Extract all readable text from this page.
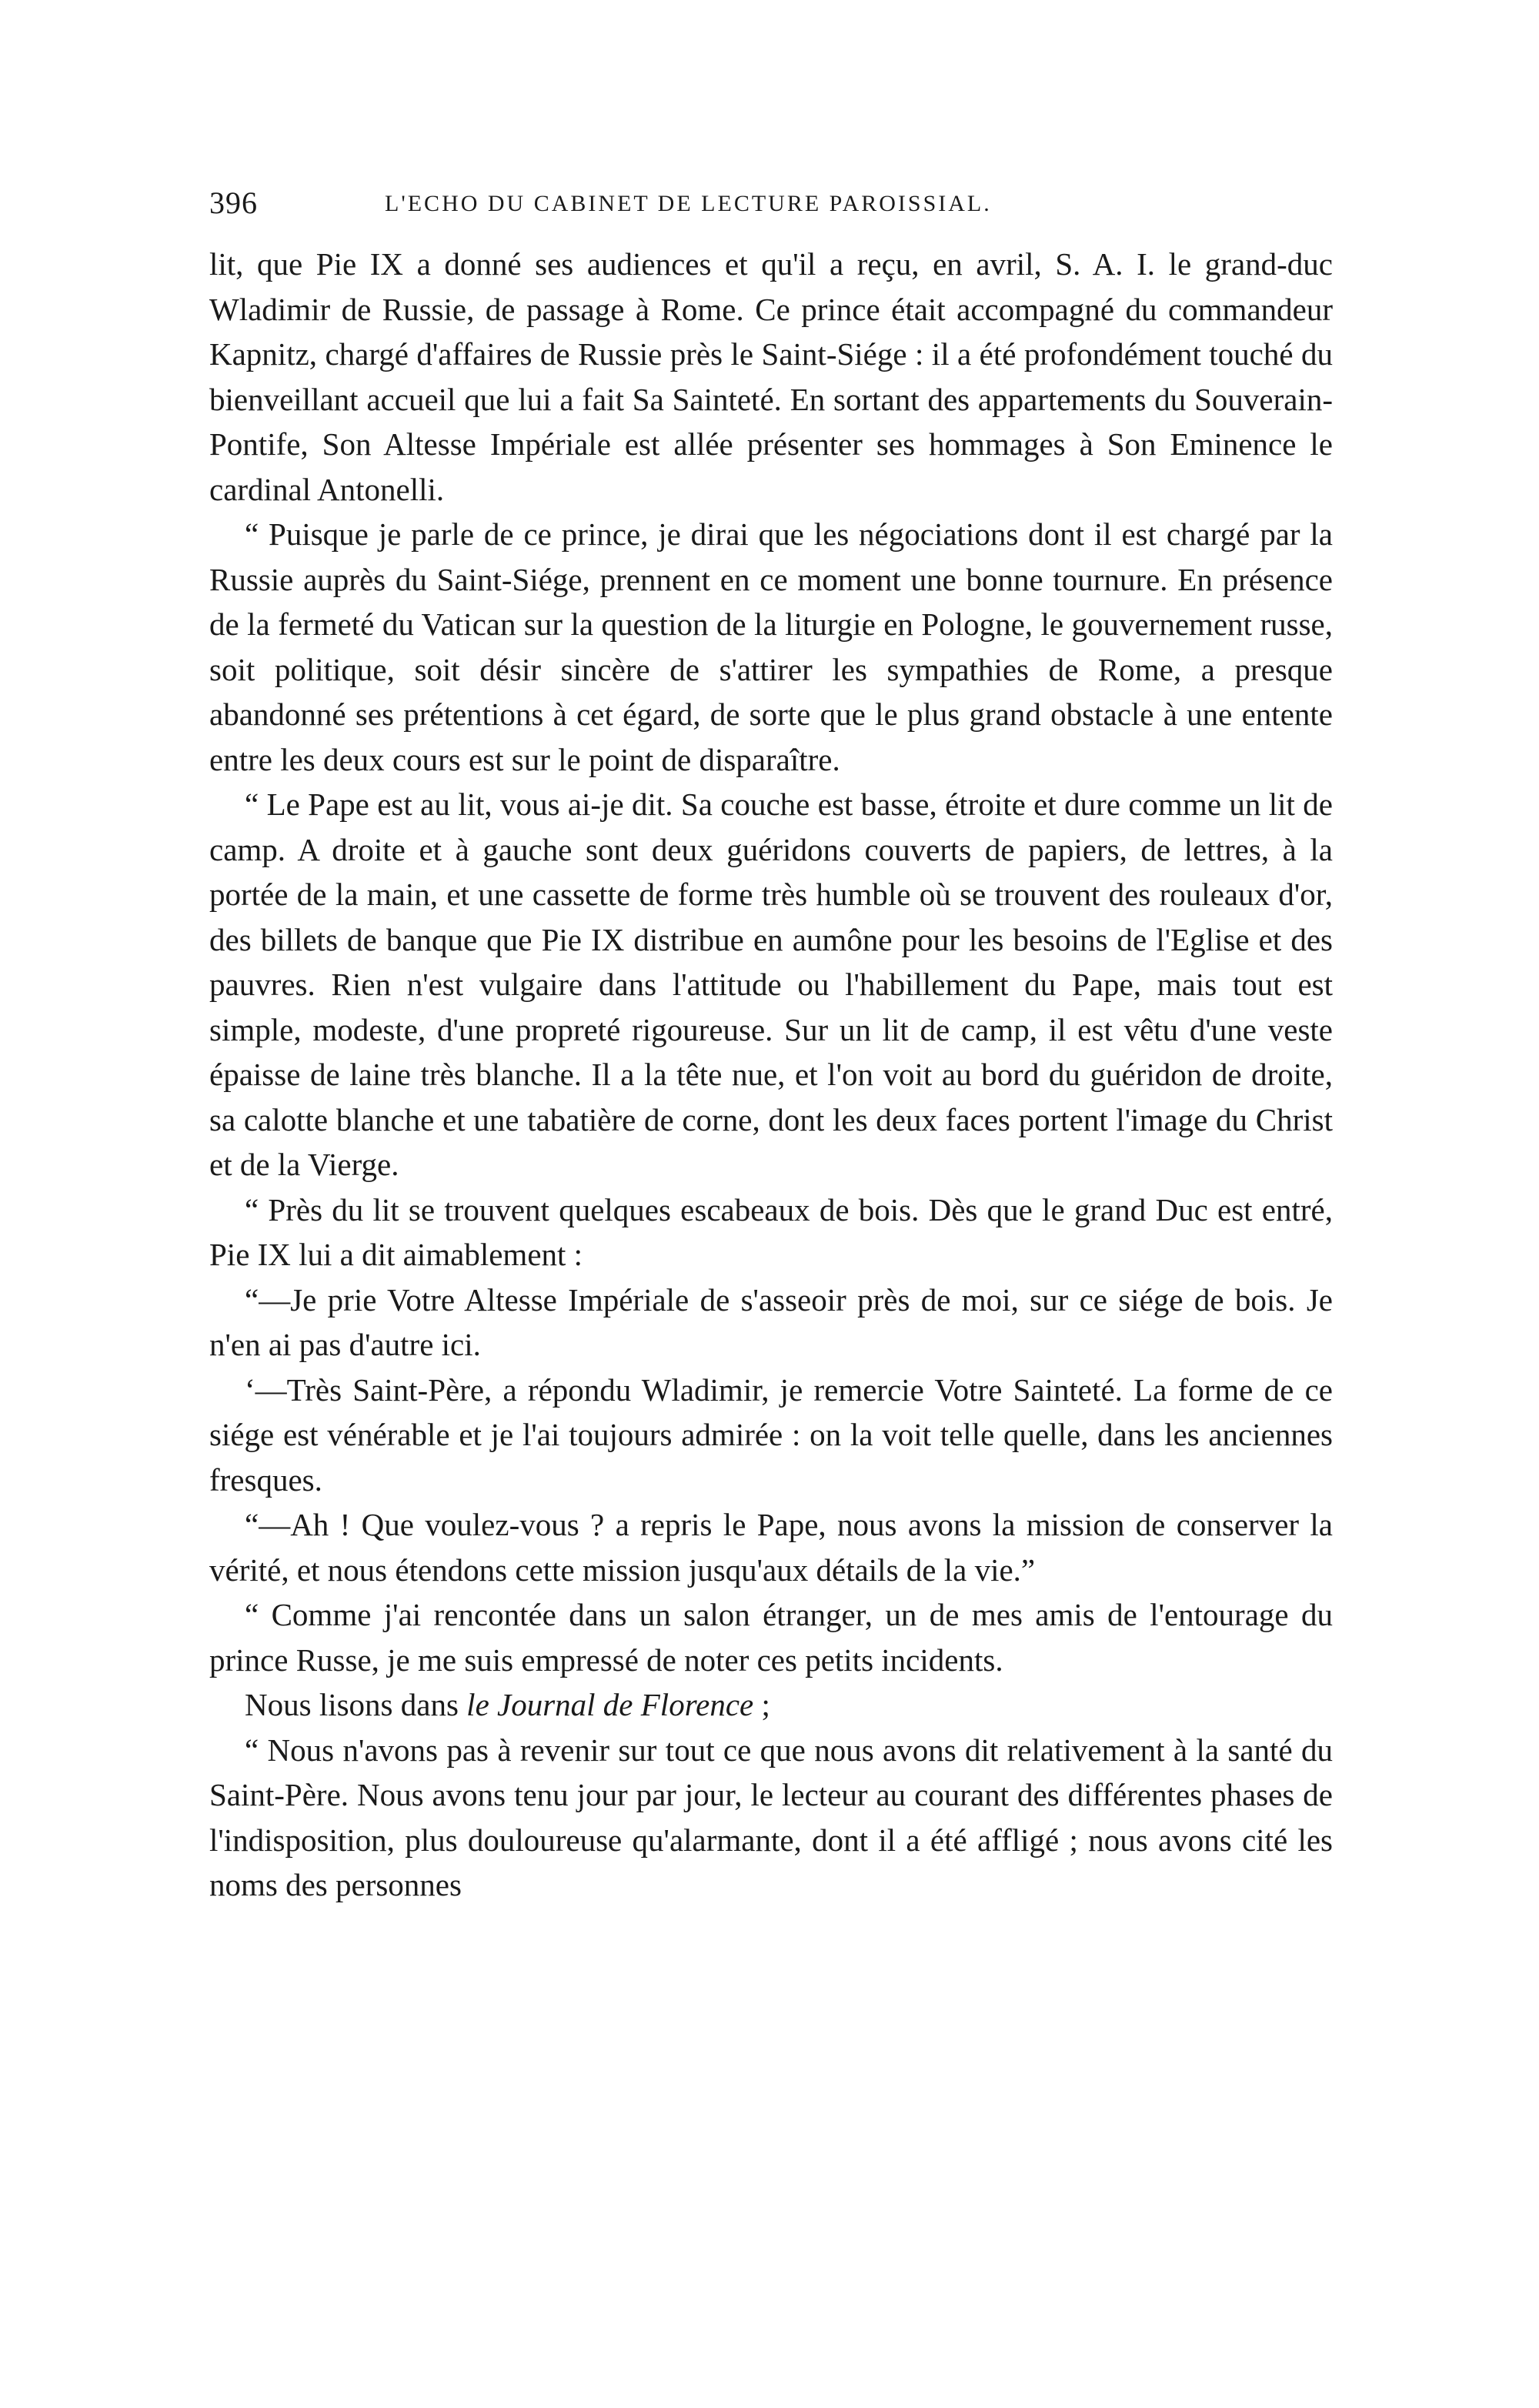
396	L'ECHO DU CABINET DE LECTURE PAROISSIAL.

lit, que Pie IX a donné ses audiences et qu'il a reçu, en avril, S. A. I. le grand-duc Wladimir de Russie, de passage à Rome. Ce prince était accompagné du commandeur Kapnitz, chargé d'affaires de Russie près le Saint-Siége : il a été profondément touché du bienveillant accueil que lui a fait Sa Sainteté. En sortant des appartements du Souverain-Pontife, Son Altesse Impériale est allée présenter ses hommages à Son Eminence le cardinal Antonelli.

“ Puisque je parle de ce prince, je dirai que les négociations dont il est chargé par la Russie auprès du Saint-Siége, prennent en ce moment une bonne tournure. En présence de la fermeté du Vatican sur la question de la liturgie en Pologne, le gouvernement russe, soit politique, soit désir sincère de s'attirer les sympathies de Rome, a presque abandonné ses prétentions à cet égard, de sorte que le plus grand obstacle à une entente entre les deux cours est sur le point de disparaître.

“ Le Pape est au lit, vous ai-je dit. Sa couche est basse, étroite et dure comme un lit de camp. A droite et à gauche sont deux guéridons couverts de papiers, de lettres, à la portée de la main, et une cassette de forme très humble où se trouvent des rouleaux d'or, des billets de banque que Pie IX distribue en aumône pour les besoins de l'Eglise et des pauvres. Rien n'est vulgaire dans l'attitude ou l'habillement du Pape, mais tout est simple, modeste, d'une propreté rigoureuse. Sur un lit de camp, il est vêtu d'une veste épaisse de laine très blanche. Il a la tête nue, et l'on voit au bord du guéridon de droite, sa calotte blanche et une tabatière de corne, dont les deux faces portent l'image du Christ et de la Vierge.

“ Près du lit se trouvent quelques escabeaux de bois. Dès que le grand Duc est entré, Pie IX lui a dit aimablement :

“—Je prie Votre Altesse Impériale de s'asseoir près de moi, sur ce siége de bois. Je n'en ai pas d'autre ici.

‘—Très Saint-Père, a répondu Wladimir, je remercie Votre Sainteté. La forme de ce siége est vénérable et je l'ai toujours admirée : on la voit telle quelle, dans les anciennes fresques.

“—Ah ! Que voulez-vous ? a repris le Pape, nous avons la mission de conserver la vérité, et nous étendons cette mission jusqu'aux détails de la vie.”

“ Comme j'ai rencontée dans un salon étranger, un de mes amis de l'entourage du prince Russe, je me suis empressé de noter ces petits incidents.

Nous lisons dans le Journal de Florence ;

“ Nous n'avons pas à revenir sur tout ce que nous avons dit relativement à la santé du Saint-Père. Nous avons tenu jour par jour, le lecteur au courant des différentes phases de l'indisposition, plus douloureuse qu'alarmante, dont il a été affligé ; nous avons cité les noms des personnes
